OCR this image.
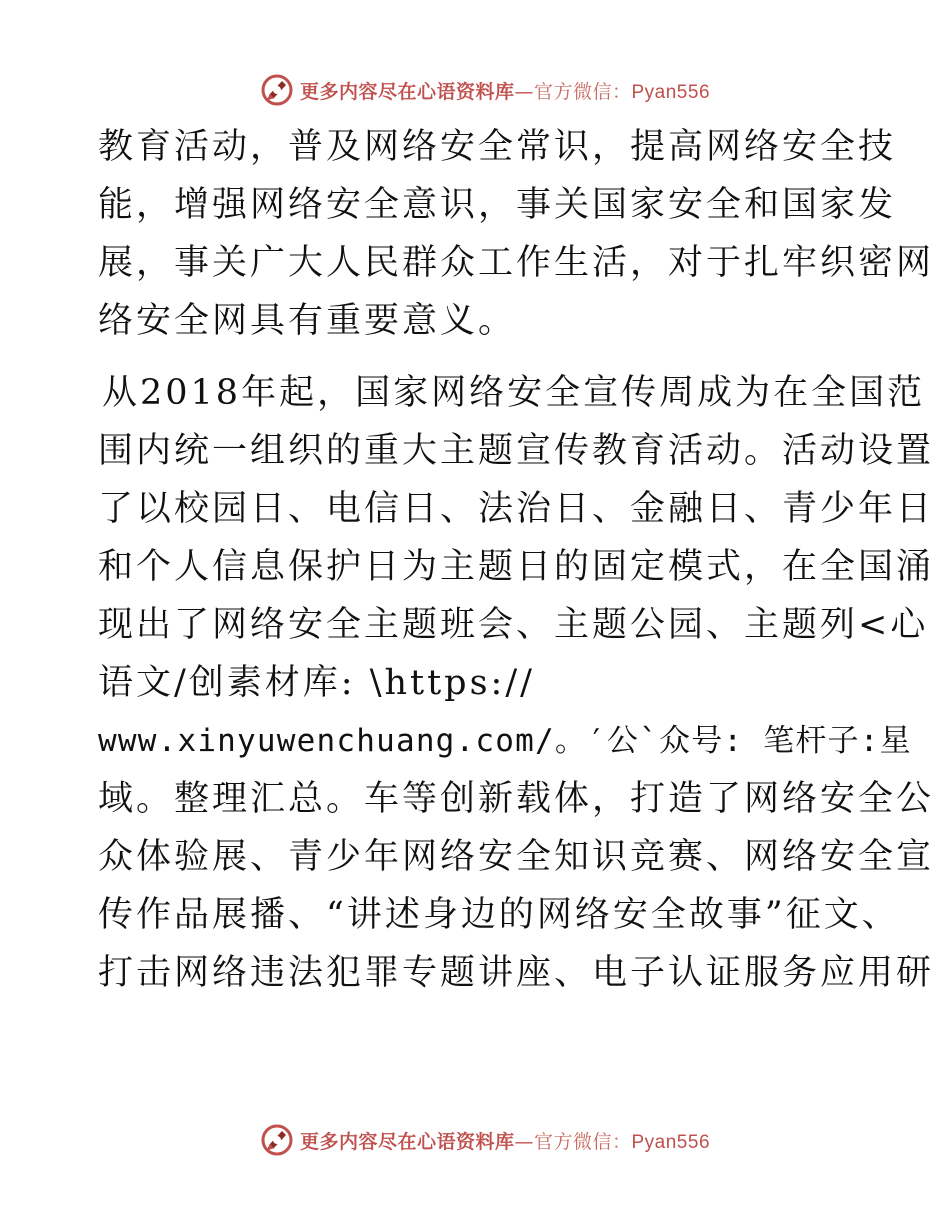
更多内容尽在心语资料库—官方微信：Pyan556
教育活动，普及网络安全常识，提高网络安全技
能，增强网络安全意识，事关国家安全和国家发
展，事关广大人民群众工作生活，对于扎牢织密网
络安全网具有重要意义。
从2018年起，国家网络安全宣传周成为在全国范
围内统一组织的重大主题宣传教育活动。活动设置
了以校园日、电信日、法治日、金融日、青少年日
和个人信息保护日为主题日的固定模式，在全国涌
现出了网络安全主题班会、主题公园、主题列<心
语文/创素材库: \https://
www.xinyuwenchuang.com/。′公`众号: 笔杆子:星
域。整理汇总。车等创新载体，打造了网络安全公
众体验展、青少年网络安全知识竞赛、网络安全宣
传作品展播、“讲述身边的网络安全故事”征文、
打击网络违法犯罪专题讲座、电子认证服务应用研
更多内容尽在心语资料库—官方微信：Pyan556
